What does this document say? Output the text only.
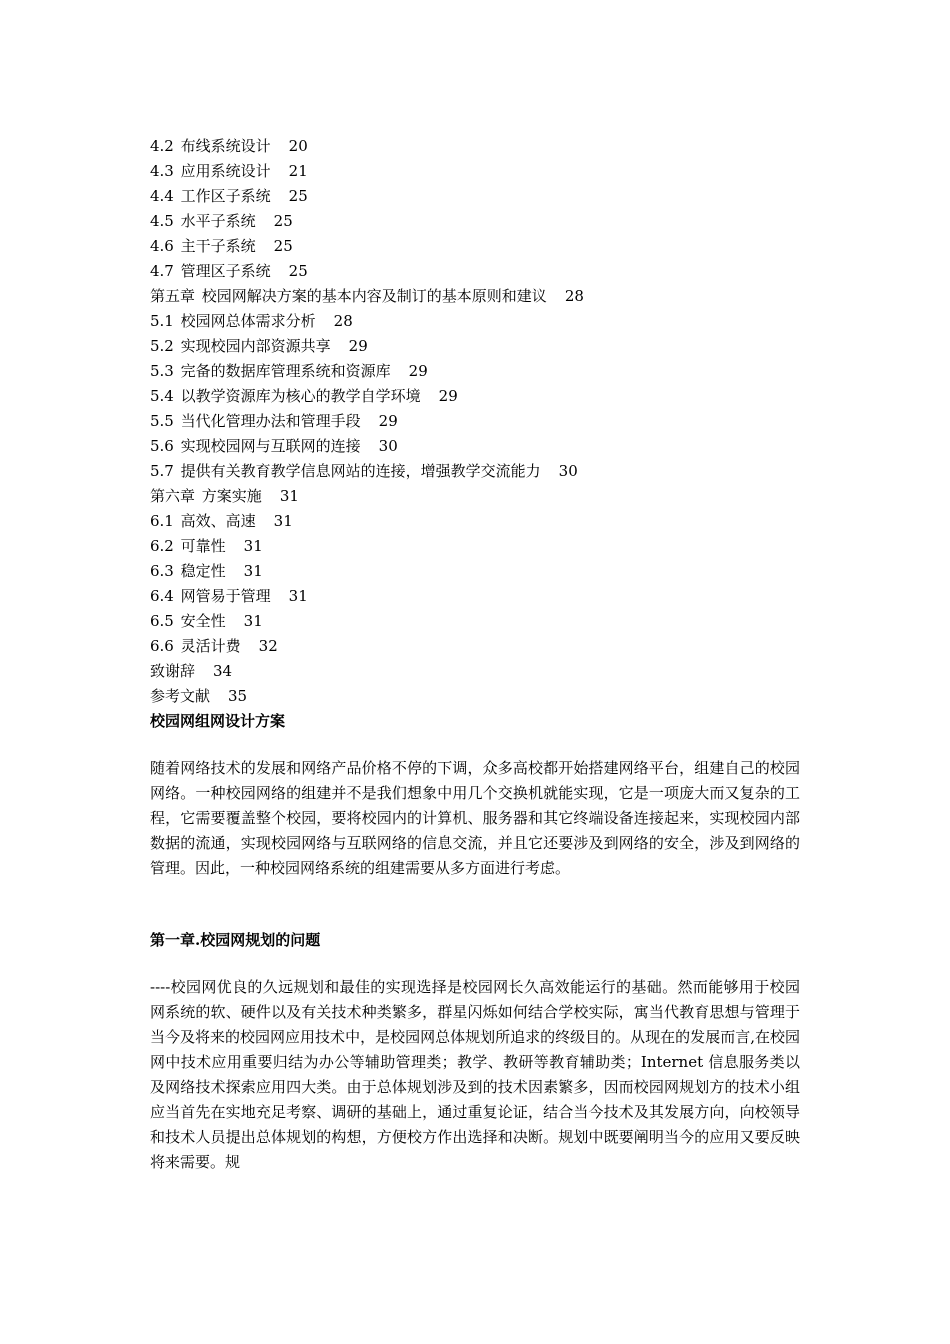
4.2 布线系统设计 20
4.3 应用系统设计 21
4.4 工作区子系统 25
4.5 水平子系统 25
4.6 主干子系统 25
4.7 管理区子系统 25
第五章 校园网解决方案的基本内容及制订的基本原则和建议 28
5.1 校园网总体需求分析 28
5.2 实现校园内部资源共享 29
5.3 完备的数据库管理系统和资源库 29
5.4 以教学资源库为核心的教学自学环境 29
5.5 当代化管理办法和管理手段 29
5.6 实现校园网与互联网的连接 30
5.7 提供有关教育教学信息网站的连接，增强教学交流能力 30
第六章 方案实施 31
6.1 高效、高速 31
6.2 可靠性 31
6.3 稳定性 31
6.4 网管易于管理 31
6.5 安全性 31
6.6 灵活计费 32
致谢辞 34
参考文献 35
校园网组网设计方案

随着网络技术的发展和网络产品价格不停的下调，众多高校都开始搭建网络平台，组建自己的校园网络。一种校园网络的组建并不是我们想象中用几个交换机就能实现，它是一项庞大而又复杂的工程，它需要覆盖整个校园，要将校园内的计算机、服务器和其它终端设备连接起来，实现校园内部数据的流通，实现校园网络与互联网络的信息交流，并且它还要涉及到网络的安全，涉及到网络的管理。因此，一种校园网络系统的组建需要从多方面进行考虑。

第一章.校园网规划的问题

----校园网优良的久远规划和最佳的实现选择是校园网长久高效能运行的基础。然而能够用于校园网系统的软、硬件以及有关技术种类繁多，群星闪烁如何结合学校实际，寓当代教育思想与管理于当今及将来的校园网应用技术中，是校园网总体规划所追求的终级目的。从现在的发展而言,在校园网中技术应用重要归结为办公等辅助管理类；教学、教研等教育辅助类；Internet 信息服务类以及网络技术探索应用四大类。由于总体规划涉及到的技术因素繁多，因而校园网规划方的技术小组应当首先在实地充足考察、调研的基础上，通过重复论证，结合当今技术及其发展方向，向校领导和技术人员提出总体规划的构想，方便校方作出选择和决断。规划中既要阐明当今的应用又要反映将来需要。规
